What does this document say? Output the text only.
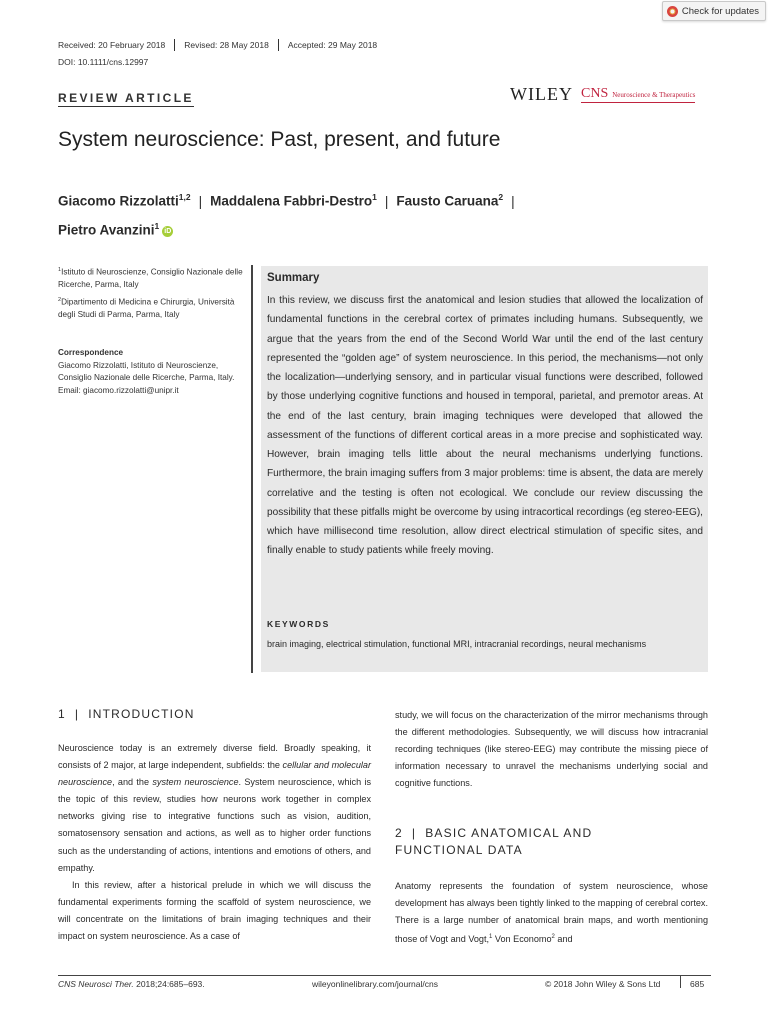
Check for updates
Received: 20 February 2018	Revised: 28 May 2018	Accepted: 29 May 2018
DOI: 10.1111/cns.12997
REVIEW ARTICLE	WILEY CNS Neuroscience & Therapeutics
System neuroscience: Past, present, and future
Giacomo Rizzolatti$^{1,2}$ | Maddalena Fabbri-Destro$^1$ | Fausto Caruana$^2$ |
Pietro Avanzini$^1$iD
$^1$Istituto di Neuroscienze, Consiglio Nazionale delle Ricerche, Parma, Italy
$^2$Dipartimento di Medicina e Chirurgia, Università degli Studi di Parma, Parma, Italy
Correspondence
Giacomo Rizzolatti, Istituto di Neuroscienze, Consiglio Nazionale delle Ricerche, Parma, Italy.
Email: giacomo.rizzolatti@unipr.it
Summary
In this review, we discuss first the anatomical and lesion studies that allowed the localization of fundamental functions in the cerebral cortex of primates including humans. Subsequently, we argue that the years from the end of the Second World War until the end of the last century represented the “golden age” of system neuroscience. In this period, the mechanisms—not only the localization—underlying sensory, and in particular visual functions were described, followed by those underlying cognitive functions and housed in temporal, parietal, and premotor areas. At the end of the last century, brain imaging techniques were developed that allowed the assessment of the functions of different cortical areas in a more precise and sophisticated way. However, brain imaging tells little about the neural mechanisms underlying functions. Furthermore, the brain imaging suffers from 3 major problems: time is absent, the data are merely correlative and the testing is often not ecological. We conclude our review discussing the possibility that these pitfalls might be overcome by using intracortical recordings (eg stereo-EEG), which have millisecond time resolution, allow direct electrical stimulation of specific sites, and finally enable to study patients while freely moving.
KEYWORDS
brain imaging, electrical stimulation, functional MRI, intracranial recordings, neural mechanisms
1 | INTRODUCTION

Neuroscience today is an extremely diverse field. Broadly speaking, it consists of 2 major, at large independent, subfields: the cellular and molecular neuroscience, and the system neuroscience. System neuroscience, which is the topic of this review, studies how neurons work together in complex networks giving rise to integrative functions such as vision, audition, somatosensory sensation and actions, as well as to higher order functions such as the understanding of actions, intentions and emotions of others, and empathy.

In this review, after a historical prelude in which we will discuss the fundamental experiments forming the scaffold of system neuroscience, we will concentrate on the limitations of brain imaging techniques and their impact on system neuroscience. As a case of

study, we will focus on the characterization of the mirror mechanisms through the different methodologies. Subsequently, we will discuss how intracranial recording techniques (like stereo-EEG) may contribute the missing piece of information necessary to unravel the mechanisms underlying social and cognitive functions.

2 | BASIC ANATOMICAL AND
FUNCTIONAL DATA

Anatomy represents the foundation of system neuroscience, whose development has always been tightly linked to the mapping of cerebral cortex. There is a large number of anatomical brain maps, and worth mentioning those of Vogt and Vogt,$^1$ Von Economo$^2$ and

CNS Neurosci Ther. 2018;24:685–693.	wileyonlinelibrary.com/journal/cns	© 2018 John Wiley & Sons Ltd	685
